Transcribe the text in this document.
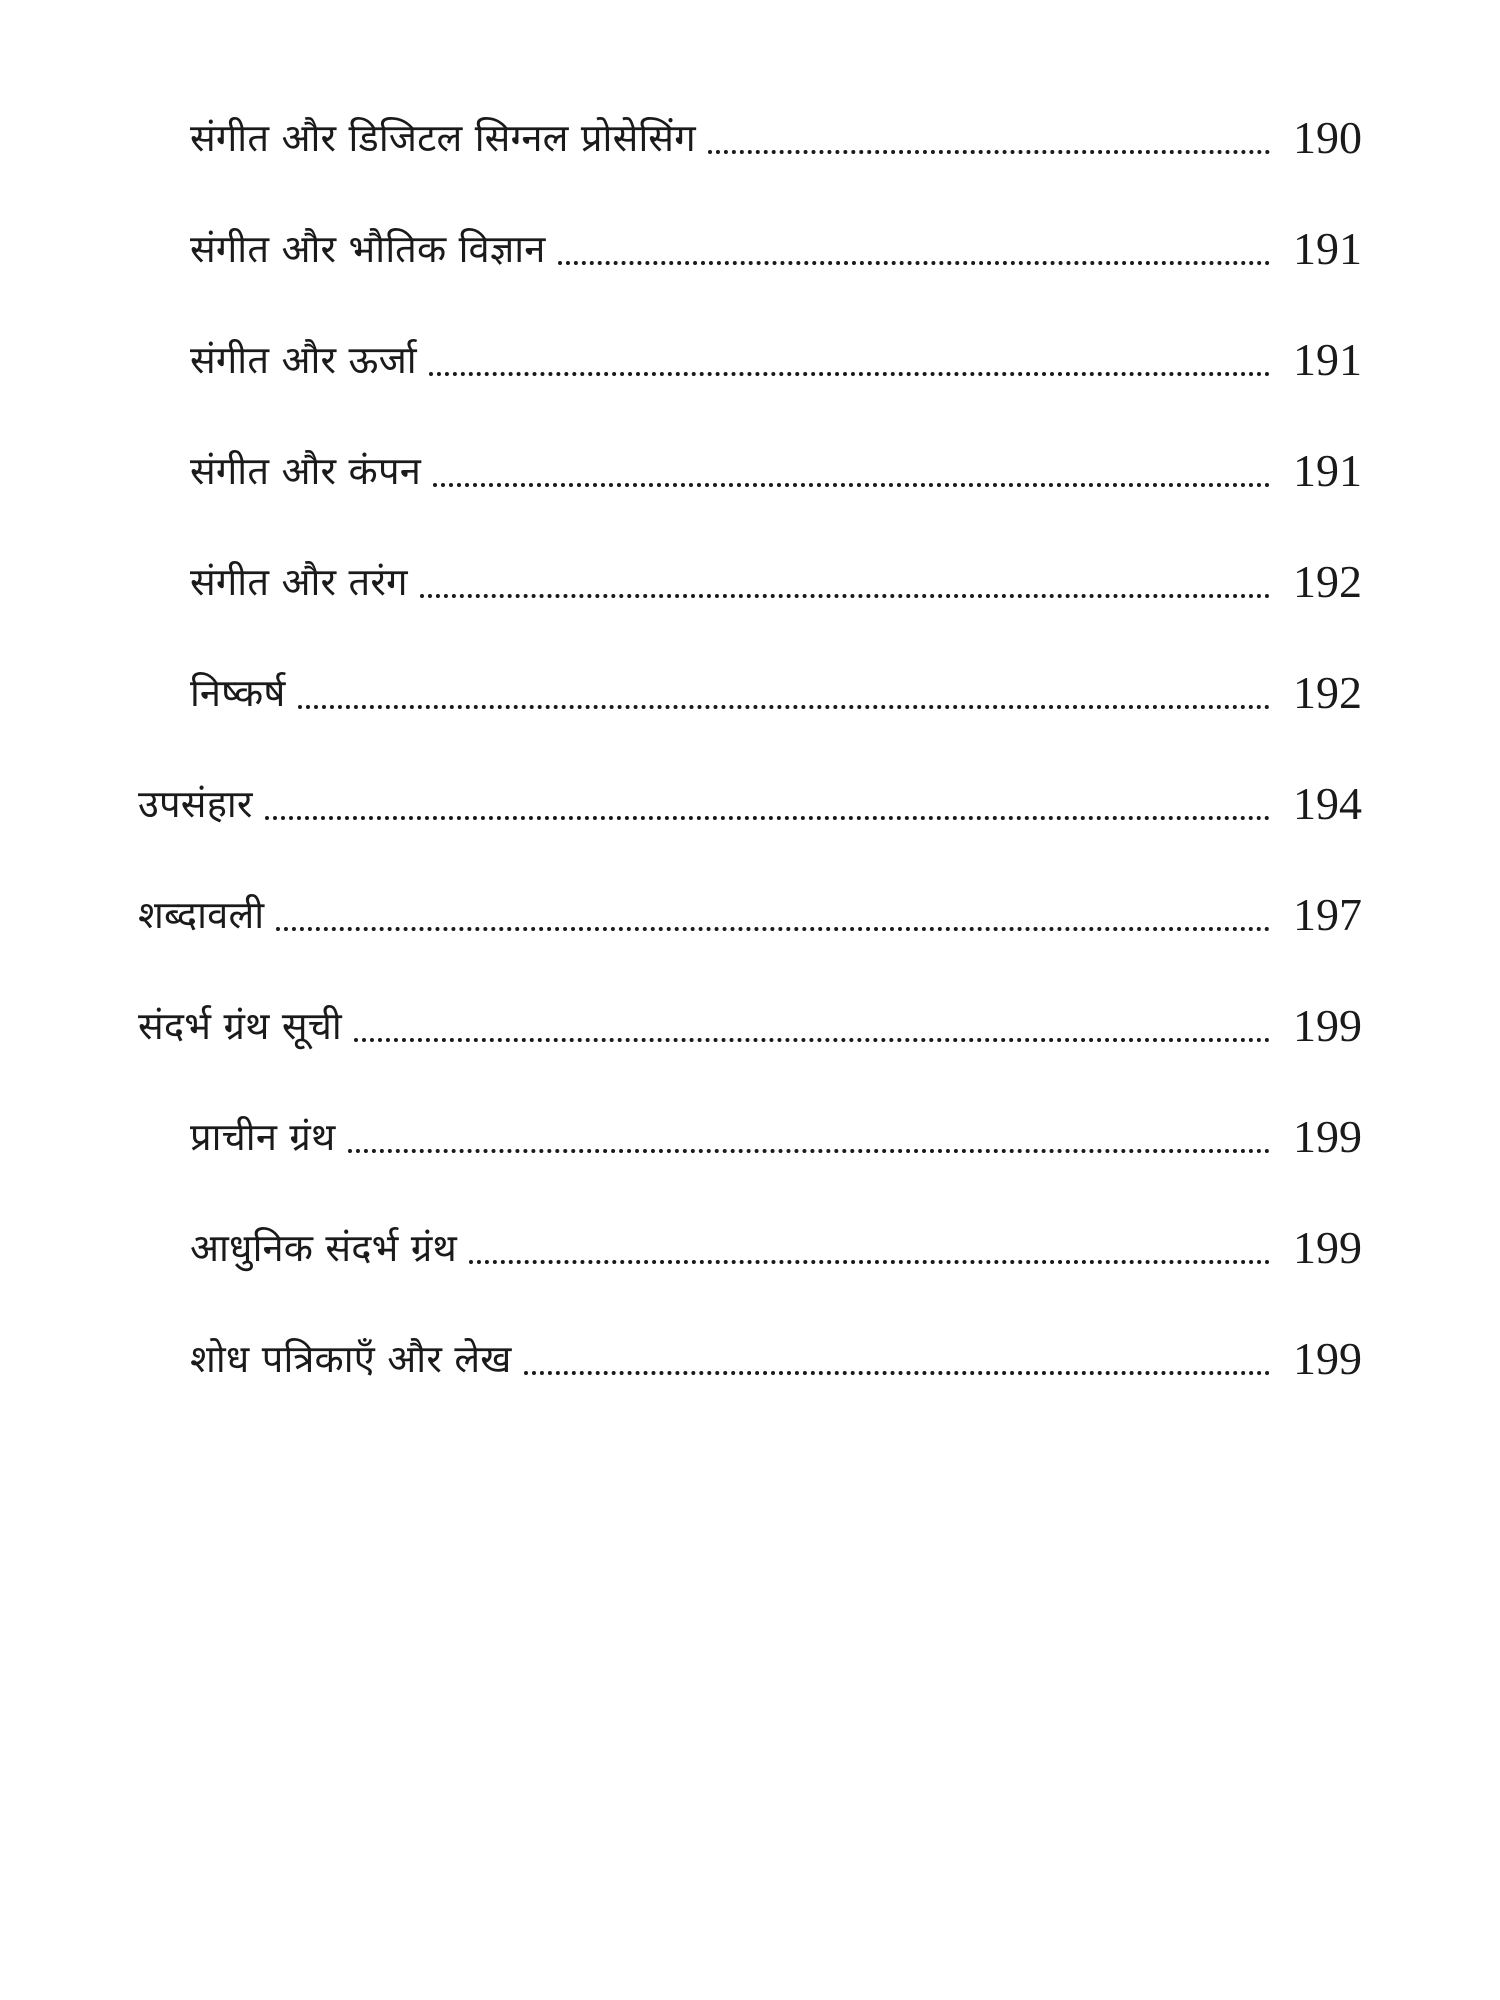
संगीत और डिजिटल सिग्नल प्रोसेसिंग	190
संगीत और भौतिक विज्ञान	191
संगीत और ऊर्जा	191
संगीत और कंपन	191
संगीत और तरंग	192
निष्कर्ष	192
उपसंहार	194
शब्दावली	197
संदर्भ ग्रंथ सूची	199
प्राचीन ग्रंथ	199
आधुनिक संदर्भ ग्रंथ	199
शोध पत्रिकाएँ और लेख	199
